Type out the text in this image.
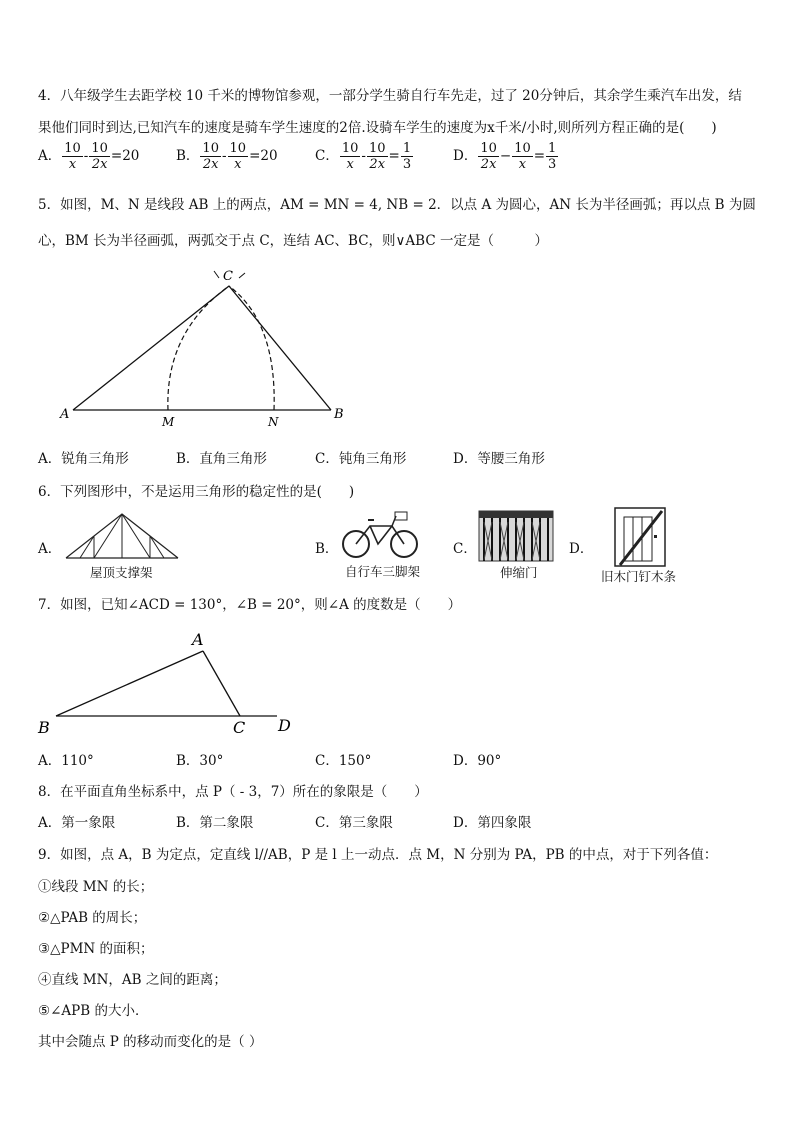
4．八年级学生去距学校 10 千米的博物馆参观，一部分学生骑自行车先走，过了 20分钟后，其余学生乘汽车出发，结
果他们同时到达,已知汽车的速度是骑车学生速度的2倍.设骑车学生的速度为x千米/小时,则所列方程正确的是(　　)
A． $\frac{10}{x} - \frac{10}{2x} =20$	B． $\frac{10}{2x} - \frac{10}{x} =20$	C． $\frac{10}{x} - \frac{10}{2x} = \frac{1}{3}$	D． $\frac{10}{2x} - \frac{10}{x} = \frac{1}{3}$
5．如图，M、N 是线段 AB 上的两点，AM = MN = 4, NB = 2．以点 A 为圆心，AN 长为半径画弧；再以点 B 为圆
心，BM 长为半径画弧，两弧交于点 C，连结 AC、BC，则∨ABC 一定是（　　　）
C
A	B
M	N
A．锐角三角形	B．直角三角形	C．钝角三角形	D．等腰三角形
6．下列图形中，不是运用三角形的稳定性的是(　　)
A．	B．	C．	D．
屋顶支撑架	自行车三脚架	伸缩门	旧木门钉木条
7．如图，已知∠ACD = 130°，∠B = 20°，则∠A 的度数是（　　）
A
B	C D
A．110°	B．30°	C．150°	D．90°
8．在平面直角坐标系中，点 P（ - 3，7）所在的象限是（　　）
A．第一象限	B．第二象限	C．第三象限	D．第四象限
9．如图，点 A，B 为定点，定直线 l//AB，P 是 l 上一动点．点 M，N 分别为 PA，PB 的中点，对于下列各值：
①线段 MN 的长；
②△PAB 的周长；
③△PMN 的面积；
④直线 MN，AB 之间的距离；
⑤∠APB 的大小．
其中会随点 P 的移动而变化的是（ ）
